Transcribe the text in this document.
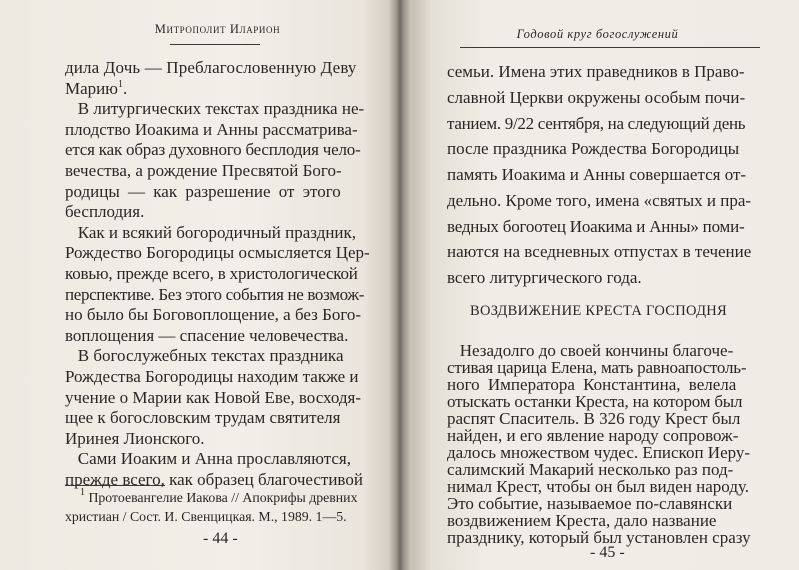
Митрополит Иларион	Годовой круг богослужений
дила Дочь — Преблагословенную Деву
Марию$^1$.
В литургических текстах праздника не-
плодство Иоакима и Анны рассматрива-
ется как образ духовного бесплодия чело-
вечества, а рождение Пресвятой Бого-
родицы — как разрешение от этого
бесплодия.
Как и всякий богородичный праздник,
Рождество Богородицы осмысляется Цер-
ковью, прежде всего, в христологической
перспективе. Без этого события не возмож-
но было бы Боговоплощение, а без Бого-
воплощения — спасение человечества.
В богослужебных текстах праздника
Рождества Богородицы находим также и
- 44 -
семьи. Имена этих праведников в Право-
славной Церкви окружены особым почи-
танием. 9/22 сентября, на следующий день
после праздника Рождества Богородицы
память Иоакима и Анны совершается от-
дельно. Кроме того, имена «святых и пра-
ведных богоотец Иоакима и Анны» поми-
наются на вседневных отпустах в течение
всего литургического года.
ВОЗДВИЖЕНИЕ КРЕСТА ГОСПОДНЯ
Незадолго до своей кончины благоче-
стивая царица Елена, мать равноапостоль-
ного Императора Константина, велела
отыскать останки Креста, на котором был
распят Спаситель. В 326 году Крест был
найден, и его явление народу сопровож-
далось множеством чудес. Епископ Иеру-
- 45 -
учение о Марии как Новой Еве, восходя-
щее к богословским трудам святителя
Иринея Лионского.
Сами Иоаким и Анна прославляются,
прежде всего, как образец благочестивой
$^1$ Протоевангелие Иакова // Апокрифы древних
христиан / Сост. И. Свенцицкая. М., 1989. 1—5.
салимский Макарий несколько раз под-
нимал Крест, чтобы он был виден народу.
Это событие, называемое по-славянски
воздвижением Креста, дало название
празднику, который был установлен сразу
